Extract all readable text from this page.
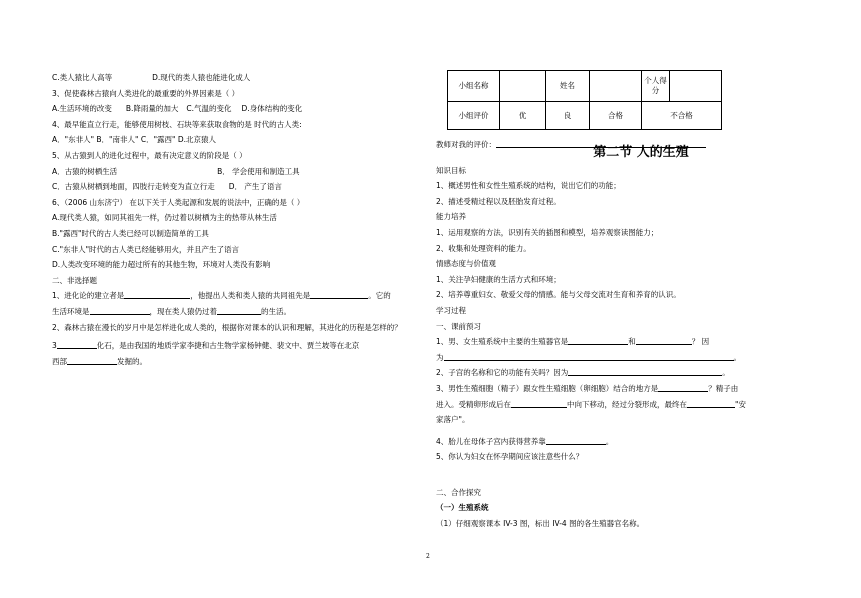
C.类人猿比人高等	D.现代的类人猿也能进化成人

3、促使森林古猿向人类进化的最重要的外界因素是（ ）

A.生活环境的改变 B.降雨量的加大 C.气温的变化 D.身体结构的变化

4、最早能直立行走，能够使用树枝、石块等来获取食物的是 时代的古人类:

A．"东非人" B．"南非人" C．"露西" D.北京猿人

5、从古猿到人的进化过程中，最有决定意义的阶段是（ ）

A．古猿的树栖生活	B． 学会使用和制造工具

C．古猿从树栖到地面，四肢行走转变为直立行走 D． 产生了语言

6、（2006 山东济宁） 在以下关于人类起源和发展的说法中，正确的是（ ）

A.现代类人猿，如同其祖先一样，仍过着以树栖为主的热带从林生活

B."露西"时代的古人类已经可以制造简单的工具

C."东非人"时代的古人类已经能够用火，并且产生了语言

D.人类改变环境的能力超过所有的其他生物，环境对人类没有影响

二、非选择题

1、进化论的建立者是	，他提出人类和类人猿的共同祖先是	。它的

生活环境是	，现在类人猿仍过着	的生活。

2、森林古猿在漫长的岁月中是怎样进化成人类的，根据你对课本的认识和理解，其进化的历程是怎样的？

3	化石，是由我国的地质学家李捷和古生物学家杨钟健、裴文中、贾兰坡等在北京

西部	发掘的。

小组名称		姓名		个人得分	
小组评价	优	良	合格	不合格	

教师对我的评价：

第二节 人的生殖

知识目标

1、概述男性和女性生殖系统的结构，说出它们的功能；

2、描述受精过程以及胚胎发育过程。

能力培养

1、运用观察的方法，识别有关的插图和模型，培养观察读图能力；

2、收集和处理资料的能力。

情感态度与价值观

1、关注孕妇健康的生活方式和环境；

2、培养尊重妇女、敬爱父母的情感。能与父母交流对生育和养育的认识。

学习过程

一、课前预习

1、男、女生殖系统中主要的生殖器官是	和	？ 因

为	。

2、子宫的名称和它的功能有关吗？因为	。

3、男性生殖细胞（精子）跟女性生殖细胞（卵细胞）结合的地方是	？精子由

进入。受精卵形成后在	中向下移动，经过分裂形成，最终在	"安

家落户"。

4、胎儿在母体子宫内获得营养靠	。

5、你认为妇女在怀孕期间应该注意些什么？

二、合作探究

（一）生殖系统

（1）仔细观察课本 IV-3 图，标出 IV-4 图的各生殖器官名称。

2
